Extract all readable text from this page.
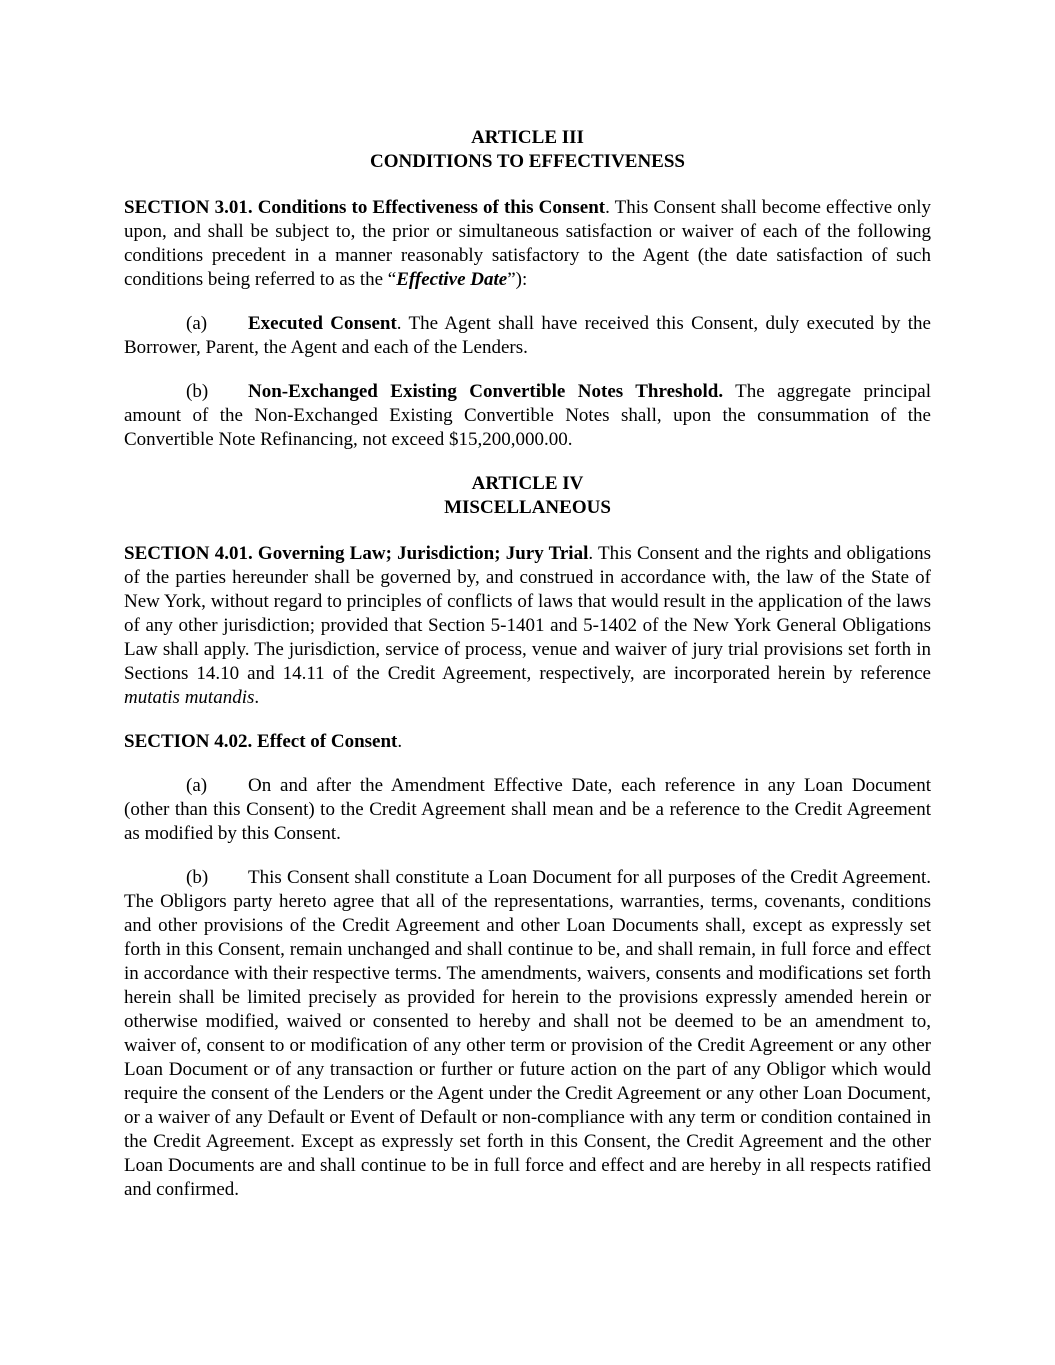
ARTICLE III

CONDITIONS TO EFFECTIVENESS

SECTION 3.01. Conditions to Effectiveness of this Consent. This Consent shall become effective only upon, and shall be subject to, the prior or simultaneous satisfaction or waiver of each of the following conditions precedent in a manner reasonably satisfactory to the Agent (the date satisfaction of such conditions being referred to as the “Effective Date”):

(a) Executed Consent. The Agent shall have received this Consent, duly executed by the Borrower, Parent, the Agent and each of the Lenders.

(b) Non-Exchanged Existing Convertible Notes Threshold. The aggregate principal amount of the Non-Exchanged Existing Convertible Notes shall, upon the consummation of the Convertible Note Refinancing, not exceed $15,200,000.00.

ARTICLE IV

MISCELLANEOUS

SECTION 4.01. Governing Law; Jurisdiction; Jury Trial. This Consent and the rights and obligations of the parties hereunder shall be governed by, and construed in accordance with, the law of the State of New York, without regard to principles of conflicts of laws that would result in the application of the laws of any other jurisdiction; provided that Section 5-1401 and 5-1402 of the New York General Obligations Law shall apply. The jurisdiction, service of process, venue and waiver of jury trial provisions set forth in Sections 14.10 and 14.11 of the Credit Agreement, respectively, are incorporated herein by reference mutatis mutandis.

SECTION 4.02. Effect of Consent.

(a) On and after the Amendment Effective Date, each reference in any Loan Document (other than this Consent) to the Credit Agreement shall mean and be a reference to the Credit Agreement as modified by this Consent.

(b) This Consent shall constitute a Loan Document for all purposes of the Credit Agreement. The Obligors party hereto agree that all of the representations, warranties, terms, covenants, conditions and other provisions of the Credit Agreement and other Loan Documents shall, except as expressly set forth in this Consent, remain unchanged and shall continue to be, and shall remain, in full force and effect in accordance with their respective terms. The amendments, waivers, consents and modifications set forth herein shall be limited precisely as provided for herein to the provisions expressly amended herein or otherwise modified, waived or consented to hereby and shall not be deemed to be an amendment to, waiver of, consent to or modification of any other term or provision of the Credit Agreement or any other Loan Document or of any transaction or further or future action on the part of any Obligor which would require the consent of the Lenders or the Agent under the Credit Agreement or any other Loan Document, or a waiver of any Default or Event of Default or non-compliance with any term or condition contained in the Credit Agreement. Except as expressly set forth in this Consent, the Credit Agreement and the other Loan Documents are and shall continue to be in full force and effect and are hereby in all respects ratified and confirmed.
